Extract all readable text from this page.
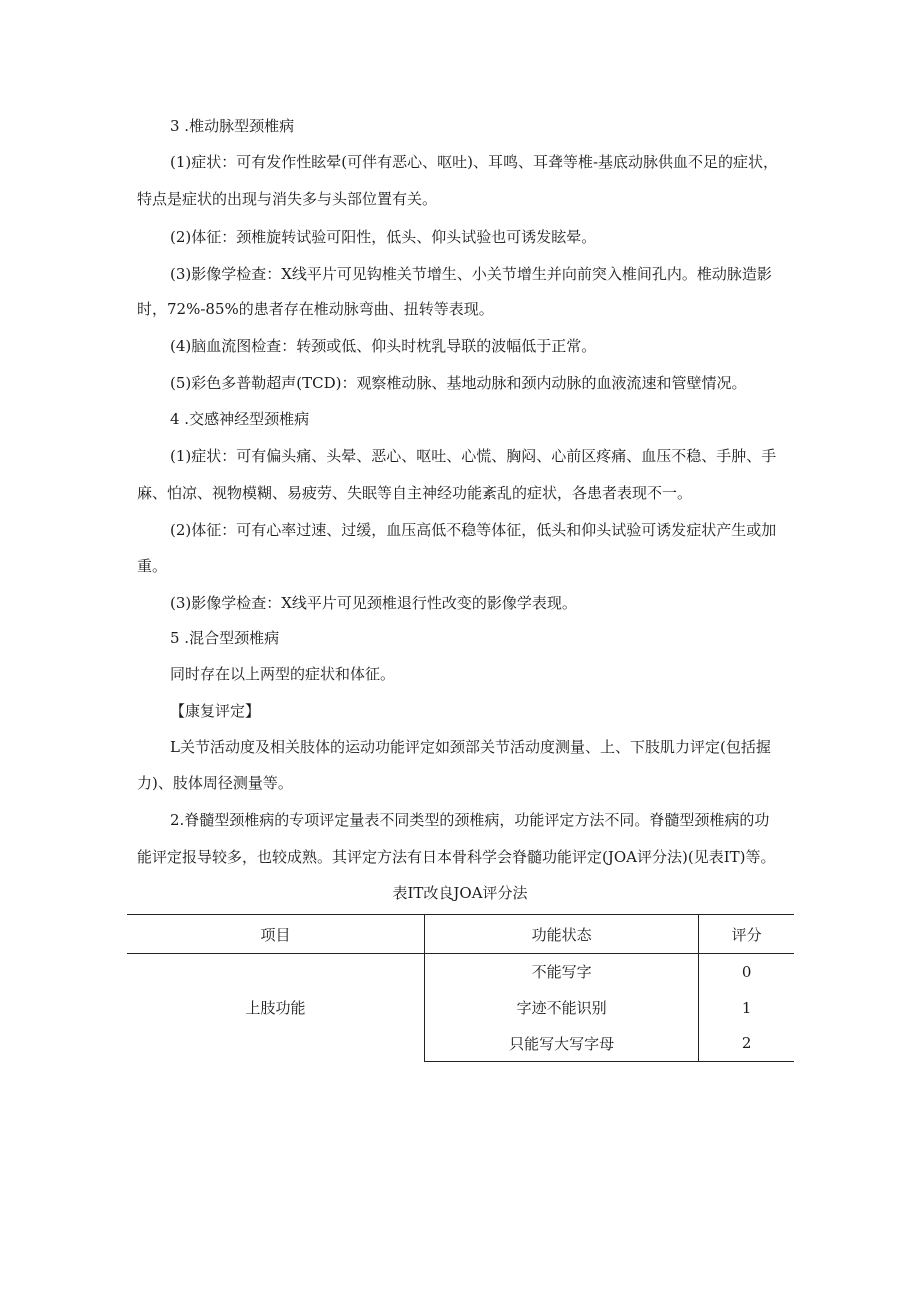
3 .椎动脉型颈椎病

(1)症状：可有发作性眩晕(可伴有恶心、呕吐)、耳鸣、耳聋等椎-基底动脉供血不足的症状，

特点是症状的出现与消失多与头部位置有关。

(2)体征：颈椎旋转试验可阳性，低头、仰头试验也可诱发眩晕。

(3)影像学检查：X线平片可见钩椎关节增生、小关节增生并向前突入椎间孔内。椎动脉造影

时，72%-85%的患者存在椎动脉弯曲、扭转等表现。

(4)脑血流图检查：转颈或低、仰头时枕乳导联的波幅低于正常。

(5)彩色多普勒超声(TCD)：观察椎动脉、基地动脉和颈内动脉的血液流速和管壁情况。

4 .交感神经型颈椎病

(1)症状：可有偏头痛、头晕、恶心、呕吐、心慌、胸闷、心前区疼痛、血压不稳、手肿、手

麻、怕凉、视物模糊、易疲劳、失眠等自主神经功能紊乱的症状，各患者表现不一。

(2)体征：可有心率过速、过缓，血压高低不稳等体征，低头和仰头试验可诱发症状产生或加

重。

(3)影像学检查：X线平片可见颈椎退行性改变的影像学表现。

5 .混合型颈椎病

同时存在以上两型的症状和体征。

【康复评定】

L关节活动度及相关肢体的运动功能评定如颈部关节活动度测量、上、下肢肌力评定(包括握

力)、肢体周径测量等。

2.脊髓型颈椎病的专项评定量表不同类型的颈椎病，功能评定方法不同。脊髓型颈椎病的功

能评定报导较多，也较成熟。其评定方法有日本骨科学会脊髓功能评定(JOA评分法)(见表IT)等。

表IT改良JOA评分法

项目	功能状态	评分
上肢功能	不能写字	0
	字迹不能识别	1
	只能写大写字母	2
